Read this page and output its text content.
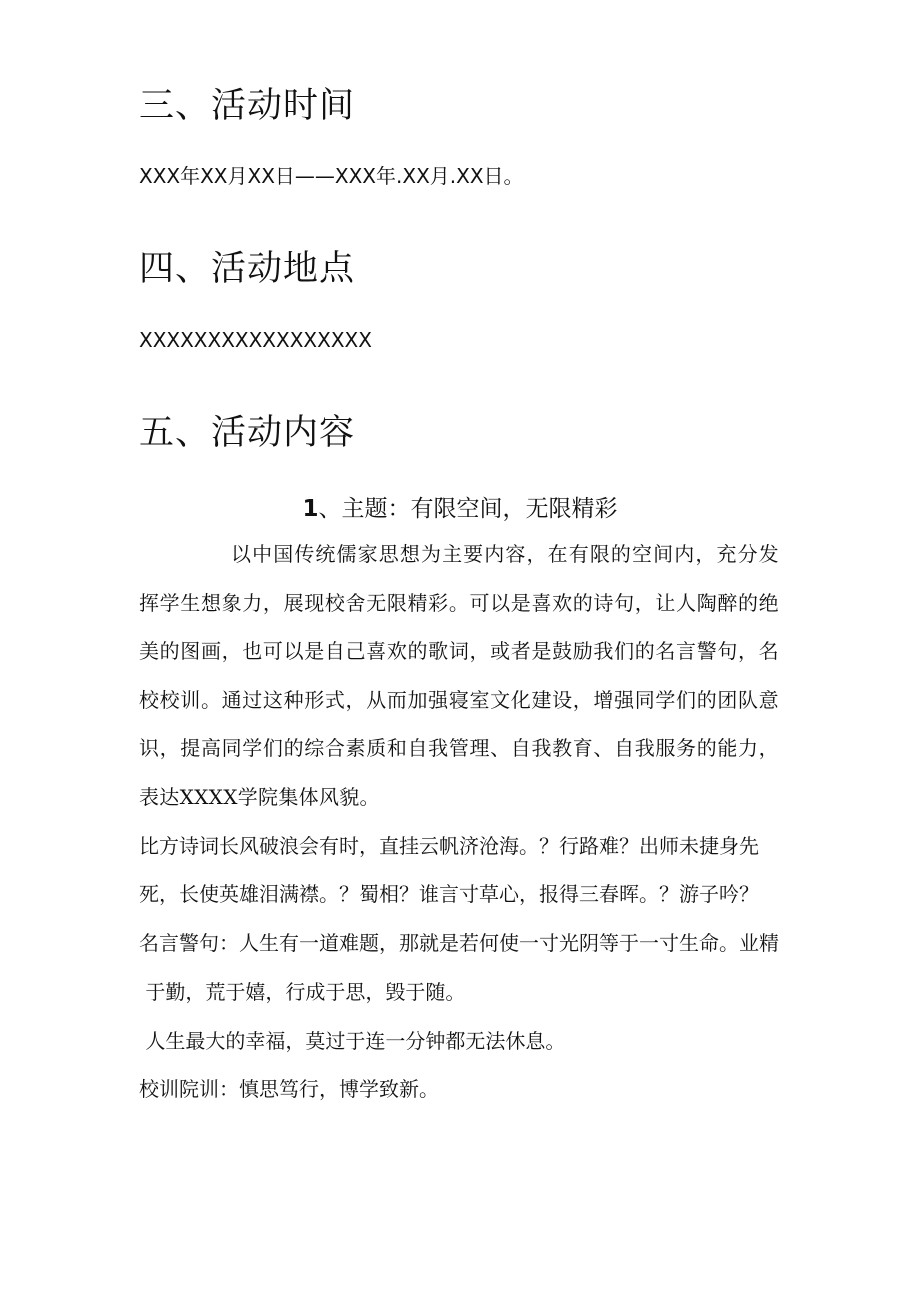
三、活动时间

XXX年XX月XX日——XXX年.XX月.XX日。

四、活动地点

XXXXXXXXXXXXXXXXX

五、活动内容

1、主题：有限空间，无限精彩

以中国传统儒家思想为主要内容，在有限的空间内，充分发挥学生想象力，展现校舍无限精彩。可以是喜欢的诗句，让人陶醉的绝美的图画，也可以是自己喜欢的歌词，或者是鼓励我们的名言警句，名校校训。通过这种形式，从而加强寝室文化建设，增强同学们的团队意识，提高同学们的综合素质和自我管理、自我教育、自我服务的能力，表达XXXX学院集体风貌。

比方诗词长风破浪会有时，直挂云帆济沧海。？行路难？出师未捷身先

死，长使英雄泪满襟。？蜀相？谁言寸草心，报得三春晖。？游子吟？

名言警句：人生有一道难题，那就是若何使一寸光阴等于一寸生命。业精

于勤，荒于嬉，行成于思，毁于随。

人生最大的幸福，莫过于连一分钟都无法休息。

校训院训：慎思笃行，博学致新。
